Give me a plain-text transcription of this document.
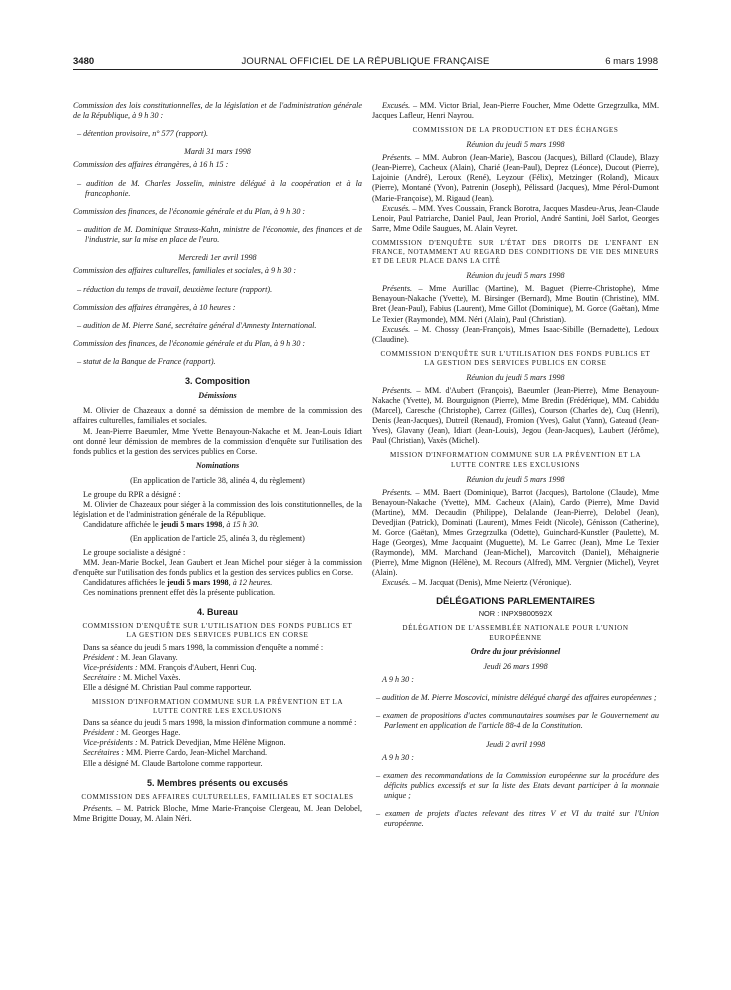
3480	JOURNAL OFFICIEL DE LA RÉPUBLIQUE FRANÇAISE	6 mars 1998

Commission des lois constitutionnelles, de la législation et de l'administration générale de la République, à 9 h 30 :

– détention provisoire, n° 577 (rapport).

Mardi 31 mars 1998

Commission des affaires étrangères, à 16 h 15 :

– audition de M. Charles Josselin, ministre délégué à la coopération et à la francophonie.

Commission des finances, de l'économie générale et du Plan, à 9 h 30 :

– audition de M. Dominique Strauss-Kahn, ministre de l'économie, des finances et de l'industrie, sur la mise en place de l'euro.

Mercredi 1er avril 1998

Commission des affaires culturelles, familiales et sociales, à 9 h 30 :

– réduction du temps de travail, deuxième lecture (rapport).

Commission des affaires étrangères, à 10 heures :

– audition de M. Pierre Sané, secrétaire général d'Amnesty International.

Commission des finances, de l'économie générale et du Plan, à 9 h 30 :

– statut de la Banque de France (rapport).

3. Composition
Démissions

M. Olivier de Chazeaux a donné sa démission de membre de la commission des affaires culturelles, familiales et sociales.

M. Jean-Pierre Baeumler, Mme Yvette Benayoun-Nakache et M. Jean-Louis Idiart ont donné leur démission de membres de la commission d'enquête sur l'utilisation des fonds publics et la gestion des services publics en Corse.

Nominations

(En application de l'article 38, alinéa 4, du règlement)

Le groupe du RPR a désigné :

M. Olivier de Chazeaux pour siéger à la commission des lois constitutionnelles, de la législation et de l'administration générale de la République.

Candidature affichée le jeudi 5 mars 1998, à 15 h 30.

(En application de l'article 25, alinéa 3, du règlement)

Le groupe socialiste a désigné :

MM. Jean-Marie Bockel, Jean Gaubert et Jean Michel pour siéger à la commission d'enquête sur l'utilisation des fonds publics et la gestion des services publics en Corse.

Candidatures affichées le jeudi 5 mars 1998, à 12 heures.

Ces nominations prennent effet dès la présente publication.

4. Bureau
COMMISSION D'ENQUÊTE SUR L'UTILISATION DES FONDS PUBLICS ET LA GESTION DES SERVICES PUBLICS EN CORSE

Dans sa séance du jeudi 5 mars 1998, la commission d'enquête a nommé :

Président : M. Jean Glavany.

Vice-présidents : MM. François d'Aubert, Henri Cuq.

Secrétaire : M. Michel Vaxès.

Elle a désigné M. Christian Paul comme rapporteur.

MISSION D'INFORMATION COMMUNE SUR LA PRÉVENTION ET LA LUTTE CONTRE LES EXCLUSIONS

Dans sa séance du jeudi 5 mars 1998, la mission d'information commune a nommé :

Président : M. Georges Hage.

Vice-présidents : M. Patrick Devedjian, Mme Hélène Mignon.

Secrétaires : MM. Pierre Cardo, Jean-Michel Marchand.

Elle a désigné M. Claude Bartolone comme rapporteur.

5. Membres présents ou excusés
COMMISSION DES AFFAIRES CULTURELLES, FAMILIALES ET SOCIALES

Présents. – M. Patrick Bloche, Mme Marie-Françoise Clergeau, M. Jean Delobel, Mme Brigitte Douay, M. Alain Néri.

Excusés. – MM. Victor Brial, Jean-Pierre Foucher, Mme Odette Grzegrzulka, MM. Jacques Lafleur, Henri Nayrou.

COMMISSION DE LA PRODUCTION ET DES ÉCHANGES
Réunion du jeudi 5 mars 1998

Présents. – MM. Aubron (Jean-Marie), Bascou (Jacques), Billard (Claude), Blazy (Jean-Pierre), Cacheux (Alain), Charié (Jean-Paul), Deprez (Léonce), Ducout (Pierre), Lajoinie (André), Leroux (René), Leyzour (Félix), Metzinger (Roland), Micaux (Pierre), Montané (Yvon), Patrenin (Joseph), Pélissard (Jacques), Mme Pérol-Dumont (Marie-Françoise), M. Rigaud (Jean).

Excusés. – MM. Yves Coussain, Franck Borotra, Jacques Masdeu-Arus, Jean-Claude Lenoir, Paul Patriarche, Daniel Paul, Jean Proriol, André Santini, Joël Sarlot, Georges Sarre, Mme Odile Saugues, M. Alain Veyret.

COMMISSION D'ENQUÊTE SUR L'ÉTAT DES DROITS DE L'ENFANT EN FRANCE, NOTAMMENT AU REGARD DES CONDITIONS DE VIE DES MINEURS ET DE LEUR PLACE DANS LA CITÉ
Réunion du jeudi 5 mars 1998

Présents. – Mme Aurillac (Martine), M. Baguet (Pierre-Christophe), Mme Benayoun-Nakache (Yvette), M. Birsinger (Bernard), Mme Boutin (Christine), MM. Bret (Jean-Paul), Fabius (Laurent), Mme Gillot (Dominique), M. Gorce (Gaëtan), Mme Le Texier (Raymonde), MM. Néri (Alain), Paul (Christian).

Excusés. – M. Chossy (Jean-François), Mmes Isaac-Sibille (Bernadette), Ledoux (Claudine).

COMMISSION D'ENQUÊTE SUR L'UTILISATION DES FONDS PUBLICS ET LA GESTION DES SERVICES PUBLICS EN CORSE
Réunion du jeudi 5 mars 1998

Présents. – MM. d'Aubert (François), Baeumler (Jean-Pierre), Mme Benayoun-Nakache (Yvette), M. Bourguignon (Pierre), Mme Bredin (Frédérique), MM. Cabiddu (Marcel), Caresche (Christophe), Carrez (Gilles), Courson (Charles de), Cuq (Henri), Denis (Jean-Jacques), Dutreil (Renaud), Fromion (Yves), Galut (Yann), Gateaud (Jean-Yves), Glavany (Jean), Idiart (Jean-Louis), Jegou (Jean-Jacques), Laubert (Jérôme), Paul (Christian), Vaxès (Michel).

MISSION D'INFORMATION COMMUNE SUR LA PRÉVENTION ET LA LUTTE CONTRE LES EXCLUSIONS
Réunion du jeudi 5 mars 1998

Présents. – MM. Baert (Dominique), Barrot (Jacques), Bartolone (Claude), Mme Benayoun-Nakache (Yvette), MM. Cacheux (Alain), Cardo (Pierre), Mme David (Martine), MM. Decaudin (Philippe), Delalande (Jean-Pierre), Delobel (Jean), Devedjian (Patrick), Dominati (Laurent), Mmes Feidt (Nicole), Génisson (Catherine), M. Gorce (Gaëtan), Mmes Grzegrzulka (Odette), Guinchard-Kunstler (Paulette), M. Hage (Georges), Mme Jacquaint (Muguette), M. Le Garrec (Jean), Mme Le Texier (Raymonde), MM. Marchand (Jean-Michel), Marcovitch (Daniel), Méhaignerie (Pierre), Mme Mignon (Hélène), M. Recours (Alfred), MM. Vergnier (Michel), Veyret (Alain).

Excusés. – M. Jacquat (Denis), Mme Neiertz (Véronique).

DÉLÉGATIONS PARLEMENTAIRES
NOR : INPX9800592X
DÉLÉGATION DE L'ASSEMBLÉE NATIONALE POUR L'UNION EUROPÉENNE
Ordre du jour prévisionnel
Jeudi 26 mars 1998

A 9 h 30 :

– audition de M. Pierre Moscovici, ministre délégué chargé des affaires européennes ;

– examen de propositions d'actes communautaires soumises par le Gouvernement au Parlement en application de l'article 88-4 de la Constitution.

Jeudi 2 avril 1998

A 9 h 30 :

– examen des recommandations de la Commission européenne sur la procédure des déficits publics excessifs et sur la liste des Etats devant participer à la monnaie unique ;

– examen de projets d'actes relevant des titres V et VI du traité sur l'Union européenne.
